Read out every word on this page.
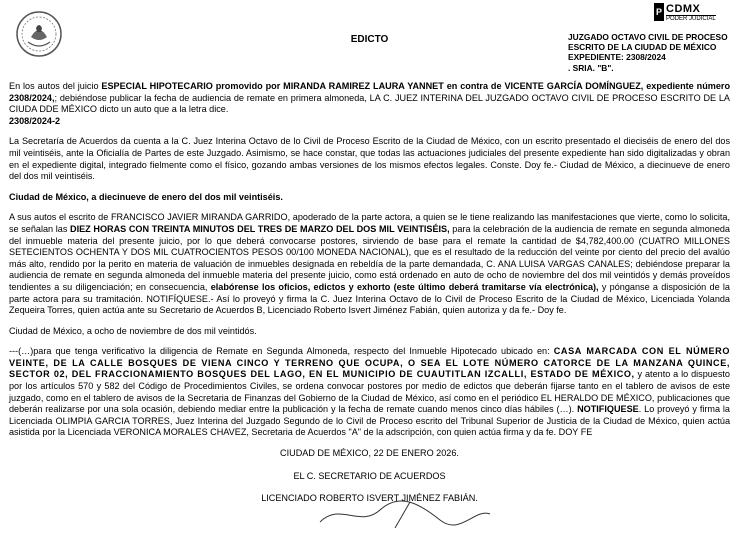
EDICTO
P CDMX
PODER JUDICIAL
JUZGADO OCTAVO CIVIL DE PROCESO
ESCRITO DE LA CIUDAD DE MÉXICO
EXPEDIENTE: 2308/2024
. SRIA. "B".

En los autos del juicio ESPECIAL HIPOTECARIO promovido por MIRANDA RAMIREZ LAURA YANNET en contra de VICENTE GARCÍA DOMÍNGUEZ, expediente número 2308/2024,; debiéndose publicar la fecha de audiencia de remate en primera almoneda, LA C. JUEZ INTERINA DEL JUZGADO OCTAVO CIVIL DE PROCESO ESCRITO DE LA CIUDA DDE MÉXICO dicto un auto que a la letra dice.
2308/2024-2

La Secretaría de Acuerdos da cuenta a la C. Juez Interina Octavo de lo Civil de Proceso Escrito de la Ciudad de México, con un escrito presentado el dieciséis de enero del dos mil veintiséis, ante la Oficialía de Partes de este Juzgado. Asimismo, se hace constar, que todas las actuaciones judiciales del presente expediente han sido digitalizadas y obran en el expediente digital, integrado fielmente como el físico, gozando ambas versiones de los mismos efectos legales. Conste. Doy fe.- Ciudad de México, a diecinueve de enero del dos mil veintiséis.

Ciudad de México, a diecinueve de enero del dos mil veintiséis.

A sus autos el escrito de FRANCISCO JAVIER MIRANDA GARRIDO, apoderado de la parte actora, a quien se le tiene realizando las manifestaciones que vierte, como lo solicita, se señalan las DIEZ HORAS CON TREINTA MINUTOS DEL TRES DE MARZO DEL DOS MIL VEINTISÉIS, para la celebración de la audiencia de remate en segunda almoneda del inmueble materia del presente juicio, por lo que deberá convocarse postores, sirviendo de base para el remate la cantidad de $4,782,400.00 (CUATRO MILLONES SETECIENTOS OCHENTA Y DOS MIL CUATROCIENTOS PESOS 00/100 MONEDA NACIONAL), que es el resultado de la reducción del veinte por ciento del precio del avalúo más alto, rendido por la perito en materia de valuación de inmuebles designada en rebeldía de la parte demandada, C. ANA LUISA VARGAS CANALES; debiéndose preparar la audiencia de remate en segunda almoneda del inmueble materia del presente juicio, como está ordenado en auto de ocho de noviembre del dos mil veintidós y demás proveídos tendientes a su diligenciación; en consecuencia, elabórense los oficios, edictos y exhorto (este último deberá tramitarse vía electrónica), y pónganse a disposición de la parte actora para su tramitación. NOTIFÍQUESE.- Así lo proveyó y firma la C. Juez Interina Octavo de lo Civil de Proceso Escrito de la Ciudad de México, Licenciada Yolanda Zequeira Torres, quien actúa ante su Secretario de Acuerdos B, Licenciado Roberto Isvert Jiménez Fabián, quien autoriza y da fe.- Doy fe.

Ciudad de México, a ocho de noviembre de dos mil veintidós.

---(…)para que tenga verificativo la diligencia de Remate en Segunda Almoneda, respecto del Inmueble Hipotecado ubicado en: CASA MARCADA CON EL NÚMERO VEINTE, DE LA CALLE BOSQUES DE VIENA CINCO Y TERRENO QUE OCUPA, O SEA EL LOTE NÚMERO CATORCE DE LA MANZANA QUINCE, SECTOR 02, DEL FRACCIONAMIENTO BOSQUES DEL LAGO, EN EL MUNICIPIO DE CUAUTITLAN IZCALLI, ESTADO DE MÉXICO, y atento a lo dispuesto por los artículos 570 y 582 del Código de Procedimientos Civiles, se ordena convocar postores por medio de edictos que deberán fijarse tanto en el tablero de avisos de este juzgado, como en el tablero de avisos de la Secretaria de Finanzas del Gobierno de la Ciudad de México, así como en el periódico EL HERALDO DE MÉXICO, publicaciones que deberán realizarse por una sola ocasión, debiendo mediar entre la publicación y la fecha de remate cuando menos cinco días hábiles (…). NOTIFIQUESE. Lo proveyó y firma la Licenciada OLIMPIA GARCIA TORRES, Juez Interina del Juzgado Segundo de lo Civil de Proceso escrito del Tribunal Superior de Justicia de la Ciudad de México, quien actúa asistida por la Licenciada VERONICA MORALES CHAVEZ, Secretaria de Acuerdos "A" de la adscripción, con quien actúa firma y da fe. DOY FE

CIUDAD DE MÉXICO, 22 DE ENERO 2026.
EL C. SECRETARIO DE ACUERDOS
LICENCIADO ROBERTO ISVERT JIMÉNEZ FABIÁN.
